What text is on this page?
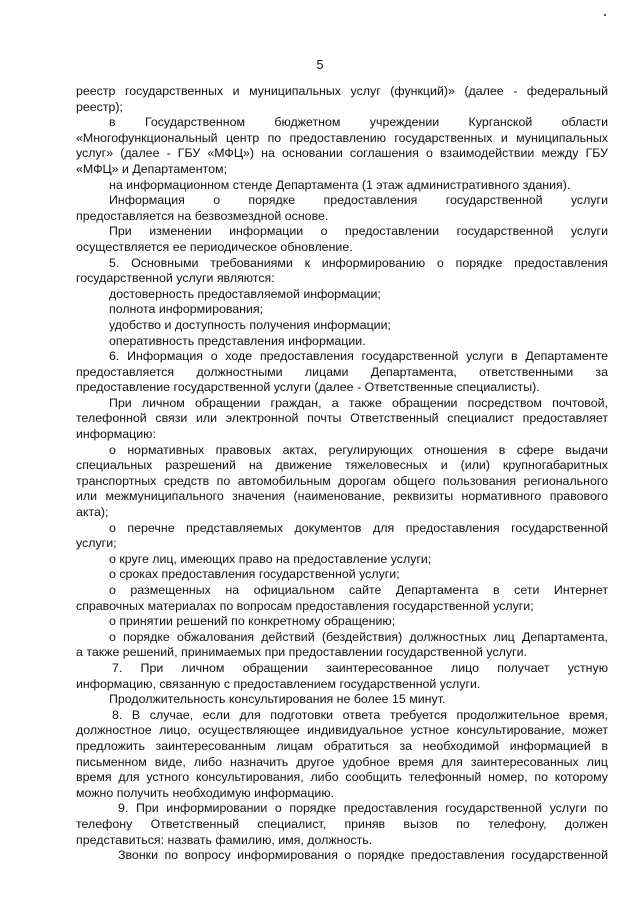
5

реестр государственных и муниципальных услуг (функций)» (далее - федеральный

реестр);

в Государственном бюджетном учреждении Курганской области

«Многофункциональный центр по предоставлению государственных и муниципальных

услуг» (далее - ГБУ «МФЦ») на основании соглашения о взаимодействии между ГБУ

«МФЦ» и Департаментом;

на информационном стенде Департамента (1 этаж административного здания).

Информация о порядке предоставления государственной услуги

предоставляется на безвозмездной основе.

При изменении информации о предоставлении государственной услуги

осуществляется ее периодическое обновление.

5. Основными требованиями к информированию о порядке предоставления

государственной услуги являются:

достоверность предоставляемой информации;

полнота информирования;

удобство и доступность получения информации;

оперативность представления информации.

6. Информация о ходе предоставления государственной услуги в Департаменте

предоставляется должностными лицами Департамента, ответственными за

предоставление государственной услуги (далее - Ответственные специалисты).

При личном обращении граждан, а также обращении посредством почтовой,

телефонной связи или электронной почты Ответственный специалист предоставляет

информацию:

о нормативных правовых актах, регулирующих отношения в сфере выдачи

специальных разрешений на движение тяжеловесных и (или) крупногабаритных

транспортных средств по автомобильным дорогам общего пользования регионального

или межмуниципального значения (наименование, реквизиты нормативного правового

акта);

о перечне представляемых документов для предоставления государственной

услуги;

о круге лиц, имеющих право на предоставление услуги;

о сроках предоставления государственной услуги;

о размещенных на официальном сайте Департамента в сети Интернет

справочных материалах по вопросам предоставления государственной услуги;

о принятии решений по конкретному обращению;

о порядке обжалования действий (бездействия) должностных лиц Департамента,

а также решений, принимаемых при предоставлении государственной услуги.

7. При личном обращении заинтересованное лицо получает устную

информацию, связанную с предоставлением государственной услуги.

Продолжительность консультирования не более 15 минут.

8. В случае, если для подготовки ответа требуется продолжительное время,

должностное лицо, осуществляющее индивидуальное устное консультирование, может

предложить заинтересованным лицам обратиться за необходимой информацией в

письменном виде, либо назначить другое удобное время для заинтересованных лиц

время для устного консультирования, либо сообщить телефонный номер, по которому

можно получить необходимую информацию.

9. При информировании о порядке предоставления государственной услуги по

телефону Ответственный специалист, приняв вызов по телефону, должен

представиться: назвать фамилию, имя, должность.

Звонки по вопросу информирования о порядке предоставления государственной
